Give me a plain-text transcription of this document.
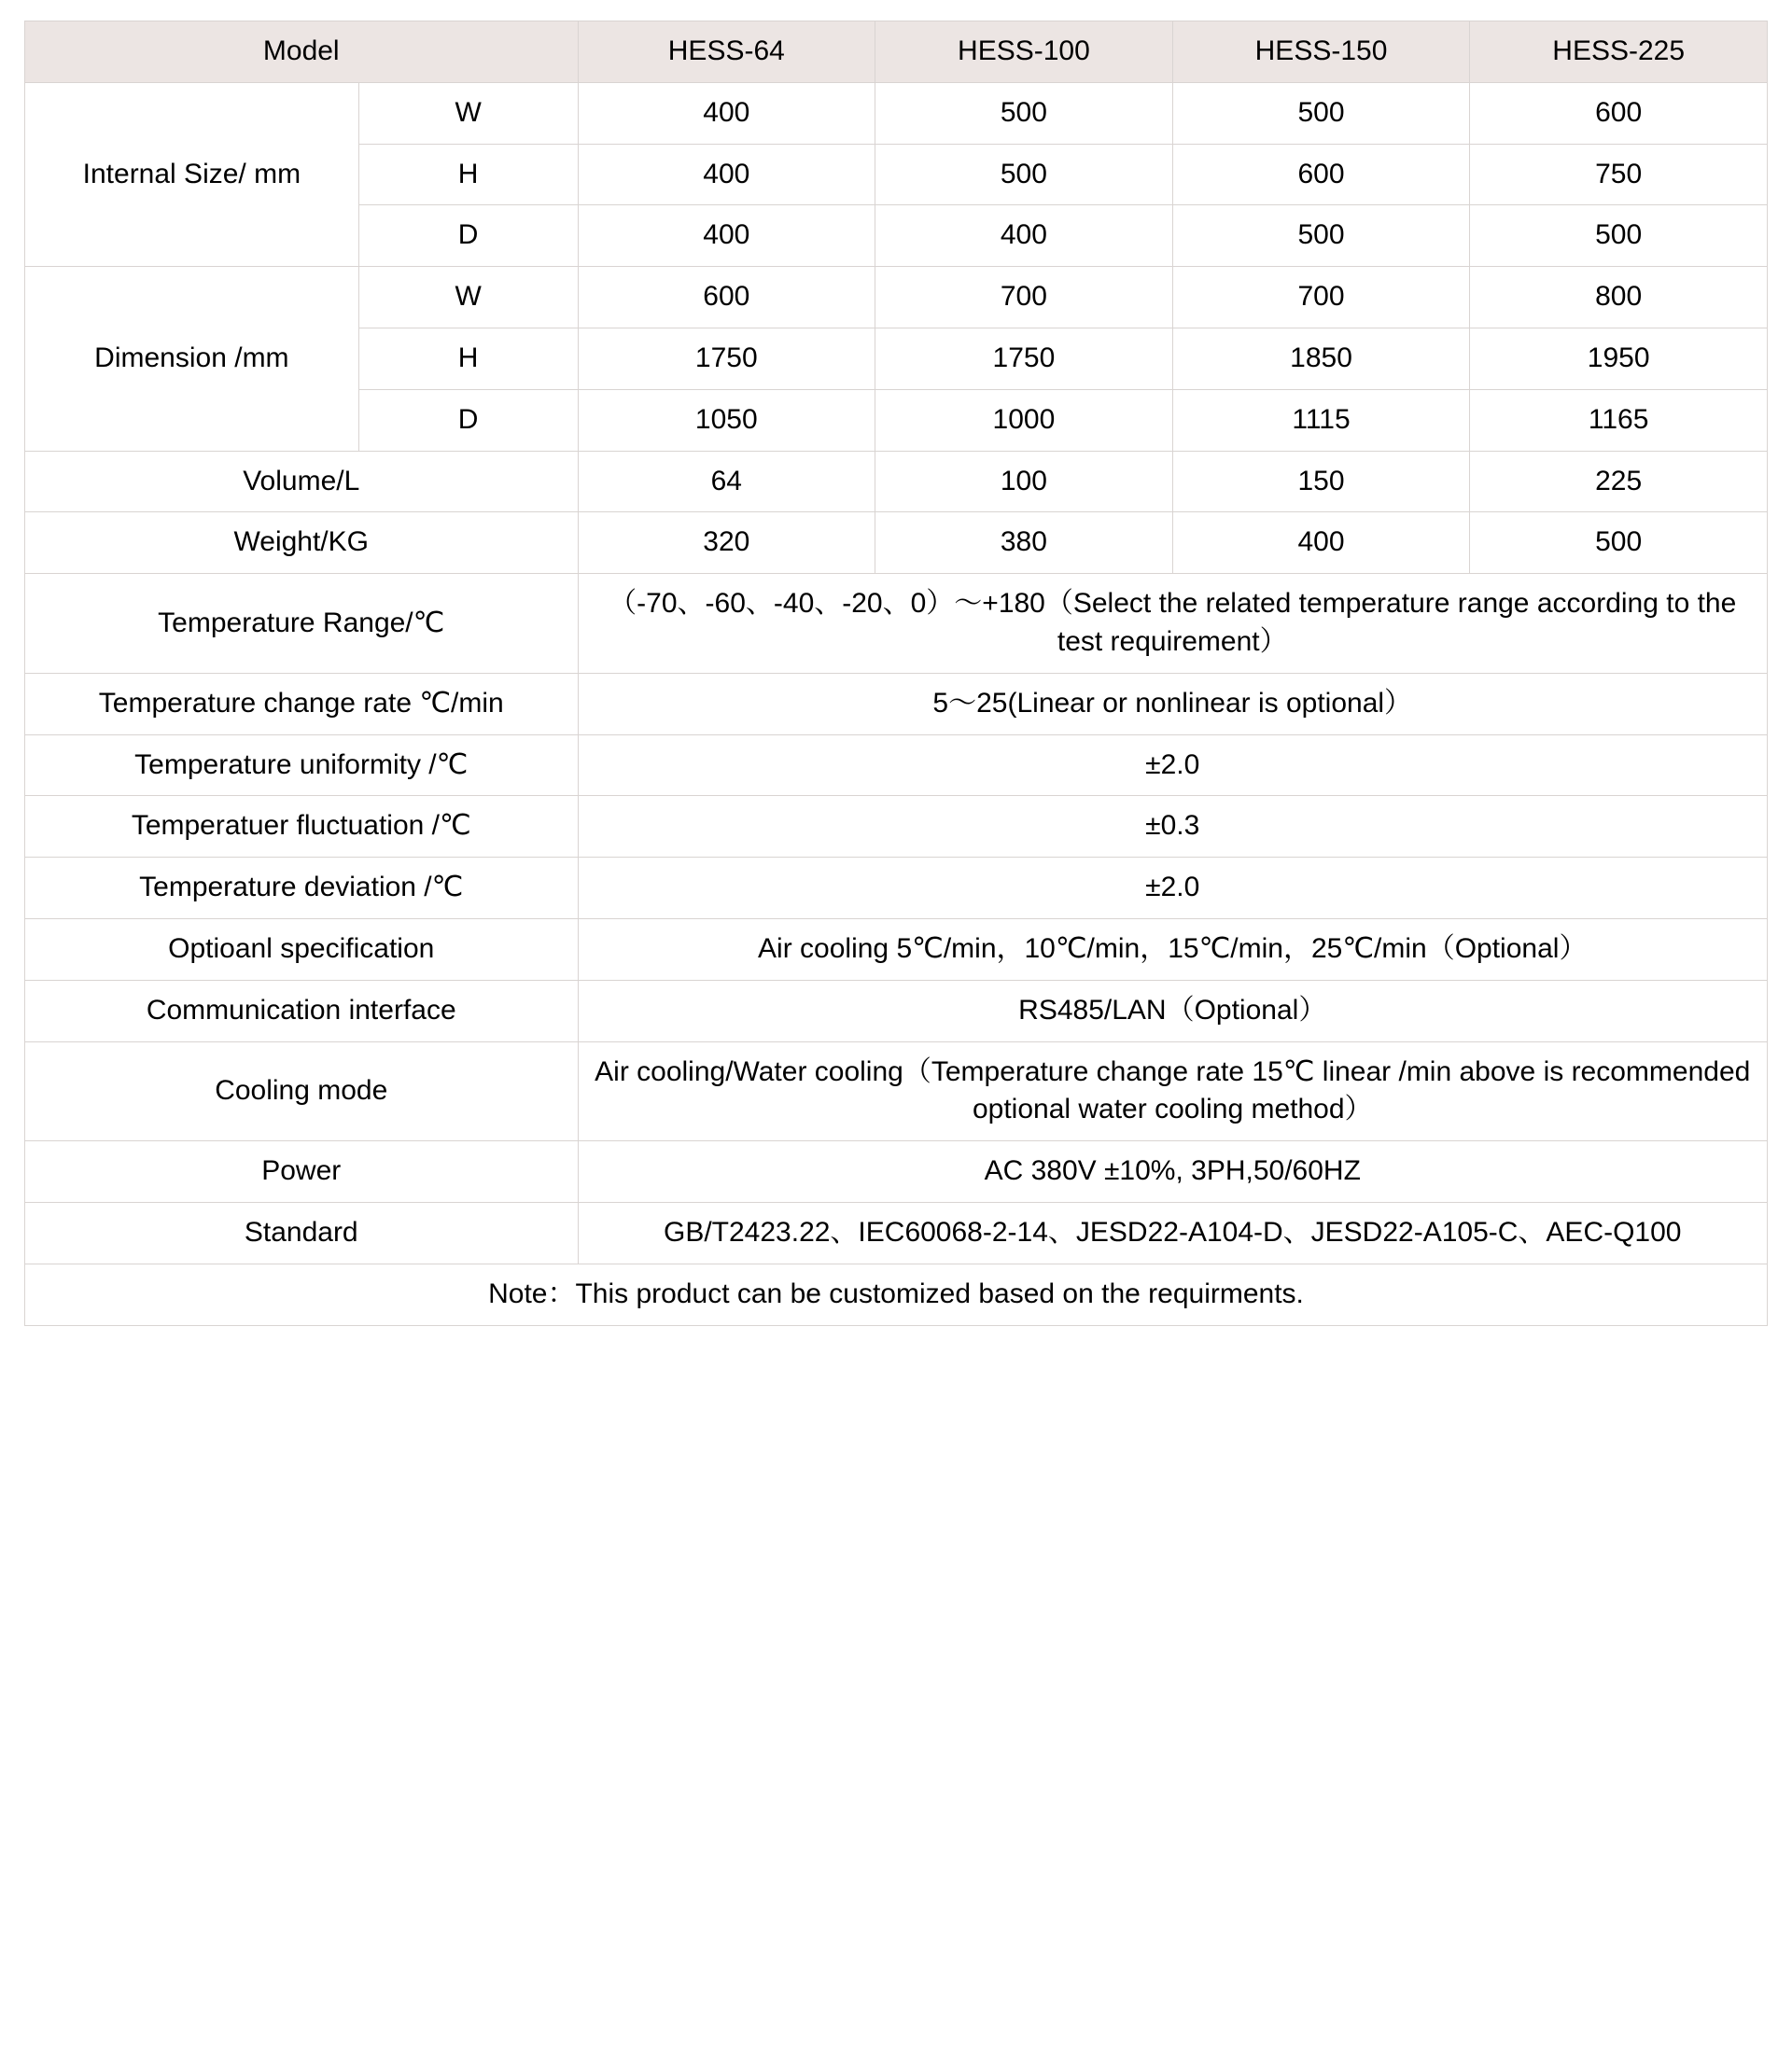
Model		HESS-64	HESS-100	HESS-150	HESS-225
Internal Size/ mm	W	400	500	500	600
	H	400	500	600	750
	D	400	400	500	500
Dimension /mm	W	600	700	700	800
	H	1750	1750	1850	1950
	D	1050	1000	1115	1165
Volume/L		64	100	150	225
Weight/KG		320	380	400	500
Temperature Range/℃		（-70、-60、-40、-20、0）～+180（Select the related temperature range according to the test requirement）			
Temperature change rate ℃/min		5～25(Linear or nonlinear is optional）			
Temperature uniformity /℃		±2.0			
Temperatuer fluctuation /℃		±0.3			
Temperature deviation /℃		±2.0			
Optioanl specification		Air cooling 5℃/min，10℃/min，15℃/min，25℃/min（Optional）			
Communication interface		RS485/LAN（Optional）			
Cooling mode		Air cooling/Water cooling（Temperature change rate 15℃ linear /min above is recommended optional water cooling method）			
Power		AC 380V ±10%, 3PH,50/60HZ			
Standard		GB/T2423.22、IEC60068-2-14、JESD22-A104-D、JESD22-A105-C、AEC-Q100			
Note：This product can be customized based on the requirments.					
